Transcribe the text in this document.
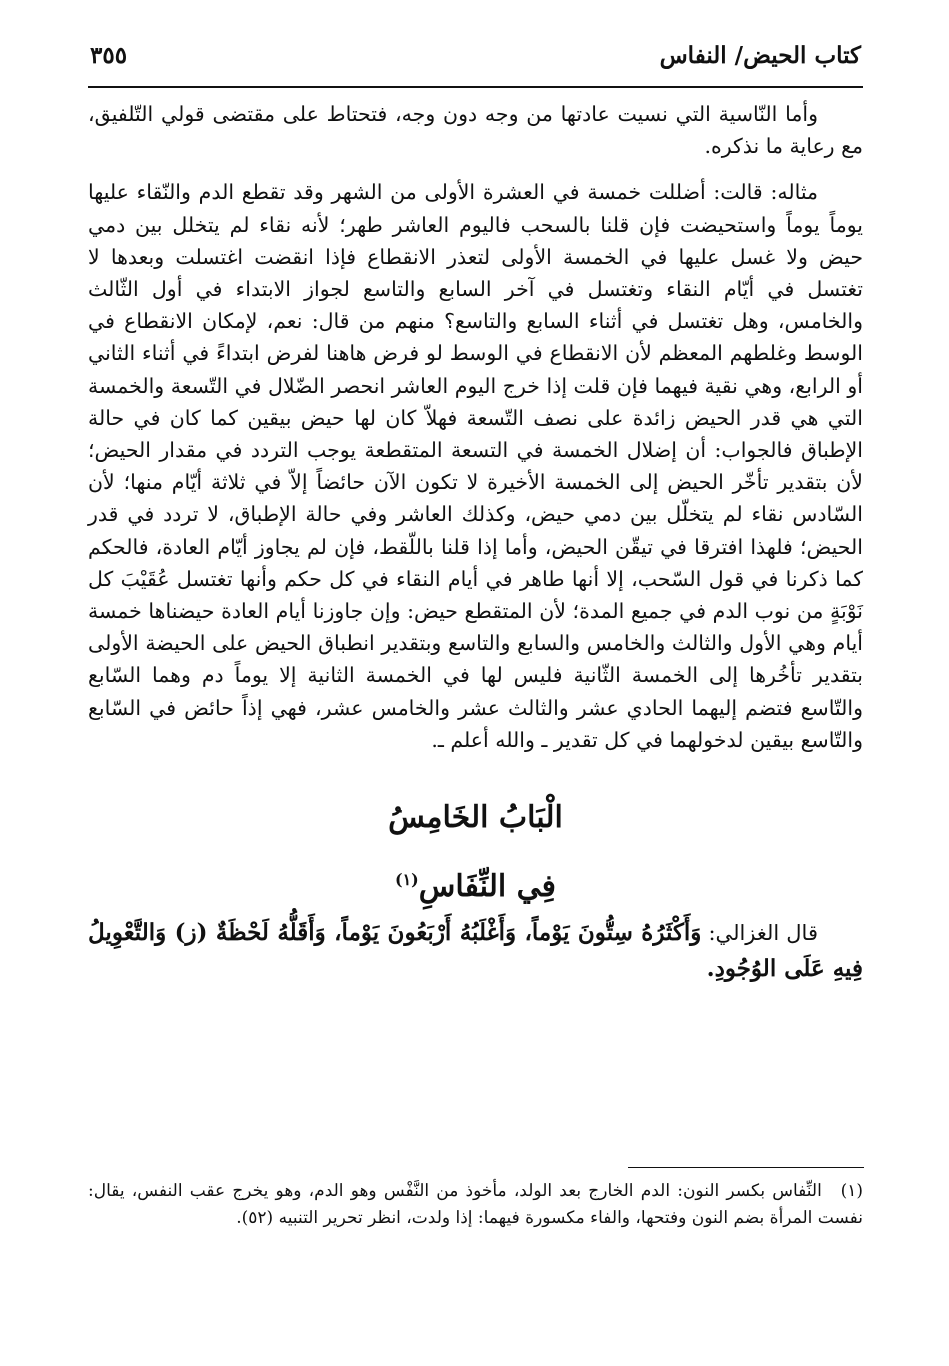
كتاب الحيض/ النفاس
٣٥٥

وأما النّاسية التي نسيت عادتها من وجه دون وجه، فتحتاط على مقتضى قولي التّلفيق، مع رعاية ما نذكره.

مثاله: قالت: أضللت خمسة في العشرة الأولى من الشهر وقد تقطع الدم والنّقاء عليها يوماً يوماً واستحيضت فإن قلنا بالسحب فاليوم العاشر طهر؛ لأنه نقاء لم يتخلل بين دمي حيض ولا غسل عليها في الخمسة الأولى لتعذر الانقطاع فإذا انقضت اغتسلت وبعدها لا تغتسل في أيّام النقاء وتغتسل في آخر السابع والتاسع لجواز الابتداء في أول الثّالث والخامس، وهل تغتسل في أثناء السابع والتاسع؟ منهم من قال: نعم، لإمكان الانقطاع في الوسط وغلطهم المعظم لأن الانقطاع في الوسط لو فرض هاهنا لفرض ابتداءً في أثناء الثاني أو الرابع، وهي نقية فيهما فإن قلت إذا خرج اليوم العاشر انحصر الضّلال في التّسعة والخمسة التي هي قدر الحيض زائدة على نصف التّسعة فهلاّ كان لها حيض بيقين كما كان في حالة الإطباق فالجواب: أن إضلال الخمسة في التسعة المتقطعة يوجب التردد في مقدار الحيض؛ لأن بتقدير تأخّر الحيض إلى الخمسة الأخيرة لا تكون الآن حائضاً إلاّ في ثلاثة أيّام منها؛ لأن السّادس نقاء لم يتخلّل بين دمي حيض، وكذلك العاشر وفي حالة الإطباق، لا تردد في قدر الحيض؛ فلهذا افترقا في تيقّن الحيض، وأما إذا قلنا باللّقط، فإن لم يجاوز أيّام العادة، فالحكم كما ذكرنا في قول السّحب، إلا أنها طاهر في أيام النقاء في كل حكم وأنها تغتسل عُقَيْبَ كل نَوْبَةٍ من نوب الدم في جميع المدة؛ لأن المتقطع حيض: وإن جاوزنا أيام العادة حيضناها خمسة أيام وهي الأول والثالث والخامس والسابع والتاسع وبتقدير انطباق الحيض على الحيضة الأولى بتقدير تأخُرها إلى الخمسة الثّانية فليس لها في الخمسة الثانية إلا يوماً دم وهما السّابع والتّاسع فتضم إليهما الحادي عشر والثالث عشر والخامس عشر، فهي إذاً حائض في السّابع والتّاسع بيقين لدخولهما في كل تقدير ـ والله أعلم ـ.

الْبَابُ الخَامِسُ
فِي النِّفَاسِ$^{(١)}$

قال الغزالي: وَأَكْثَرُهُ سِتُّونَ يَوْماً، وَأَغْلَبُهُ أَرْبَعُونَ يَوْماً، وَأَقَلُّهُ لَحْظَةٌ (ز) وَالتَّعْوِيلُ فِيهِ عَلَى الوُجُودِ.

(١) النِّفاس بكسر النون: الدم الخارج بعد الولد، مأخوذ من النَّفْس وهو الدم، وهو يخرج عقب النفس، يقال: نفست المرأة بضم النون وفتحها، والفاء مكسورة فيهما: إذا ولدت، انظر تحرير التنبيه (٥٢).
